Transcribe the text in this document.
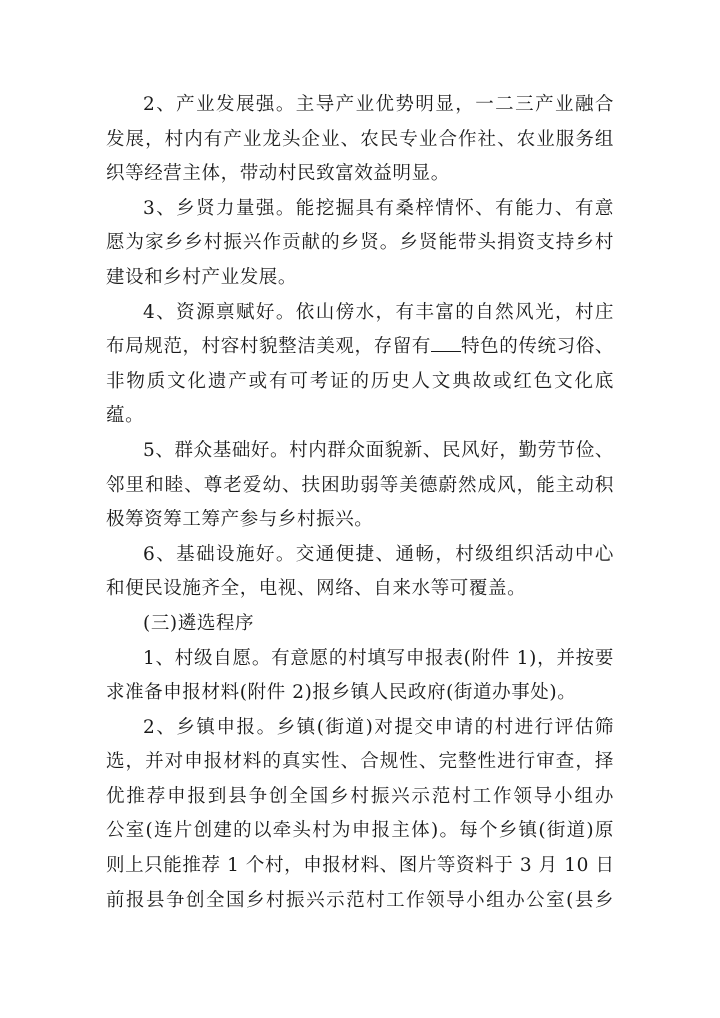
2、产业发展强。主导产业优势明显，一二三产业融合
发展，村内有产业龙头企业、农民专业合作社、农业服务组
织等经营主体，带动村民致富效益明显。
3、乡贤力量强。能挖掘具有桑梓情怀、有能力、有意
愿为家乡乡村振兴作贡献的乡贤。乡贤能带头捐资支持乡村
建设和乡村产业发展。
4、资源禀赋好。依山傍水，有丰富的自然风光，村庄
布局规范，村容村貌整洁美观，存留有 特色的传统习俗、
非物质文化遗产或有可考证的历史人文典故或红色文化底
蕴。
5、群众基础好。村内群众面貌新、民风好，勤劳节俭、
邻里和睦、尊老爱幼、扶困助弱等美德蔚然成风，能主动积
极筹资筹工筹产参与乡村振兴。
6、基础设施好。交通便捷、通畅，村级组织活动中心
和便民设施齐全，电视、网络、自来水等可覆盖。
(三)遴选程序
1、村级自愿。有意愿的村填写申报表(附件 1)，并按要
求准备申报材料(附件 2)报乡镇人民政府(街道办事处)。
2、乡镇申报。乡镇(街道)对提交申请的村进行评估筛
选，并对申报材料的真实性、合规性、完整性进行审查，择
优推荐申报到县争创全国乡村振兴示范村工作领导小组办
公室(连片创建的以牵头村为申报主体)。每个乡镇(街道)原
则上只能推荐 1 个村，申报材料、图片等资料于 3 月 10 日
前报县争创全国乡村振兴示范村工作领导小组办公室(县乡
